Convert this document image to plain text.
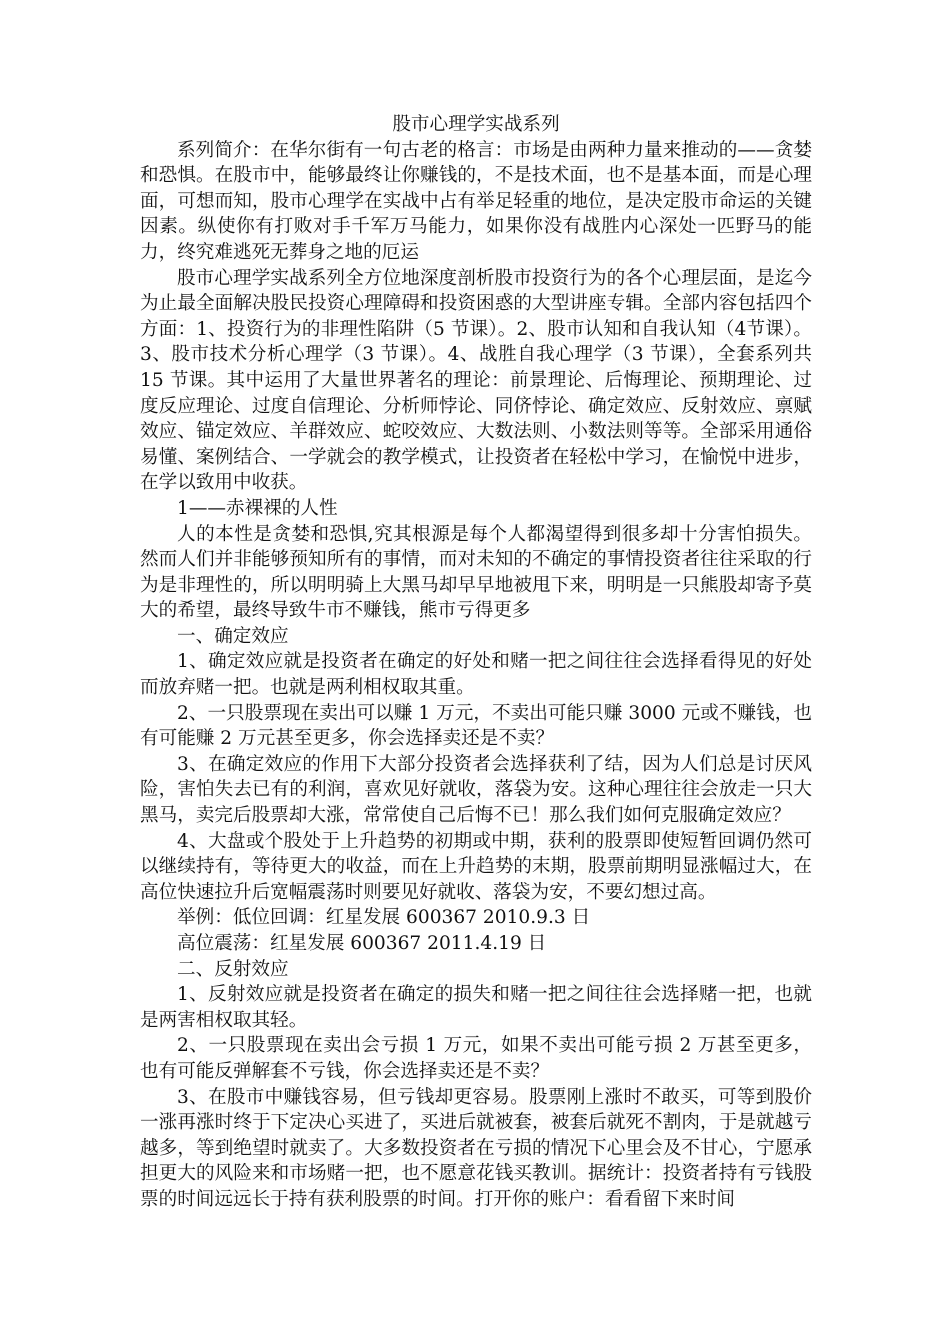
股市心理学实战系列

系列简介：在华尔街有一句古老的格言：市场是由两种力量来推动的——贪婪和恐惧。在股市中，能够最终让你赚钱的，不是技术面，也不是基本面，而是心理面，可想而知，股市心理学在实战中占有举足轻重的地位，是决定股市命运的关键因素。纵使你有打败对手千军万马能力，如果你没有战胜内心深处一匹野马的能力，终究难逃死无葬身之地的厄运

股市心理学实战系列全方位地深度剖析股市投资行为的各个心理层面，是迄今为止最全面解决股民投资心理障碍和投资困惑的大型讲座专辑。全部内容包括四个方面：1、投资行为的非理性陷阱（5 节课）。2、股市认知和自我认知（4节课）。3、股市技术分析心理学（3 节课）。4、战胜自我心理学（3 节课），全套系列共 15 节课。其中运用了大量世界著名的理论：前景理论、后悔理论、预期理论、过度反应理论、过度自信理论、分析师悖论、同侪悖论、确定效应、反射效应、禀赋效应、锚定效应、羊群效应、蛇咬效应、大数法则、小数法则等等。全部采用通俗易懂、案例结合、一学就会的教学模式，让投资者在轻松中学习，在愉悦中进步，在学以致用中收获。

1——赤裸裸的人性

人的本性是贪婪和恐惧,究其根源是每个人都渴望得到很多却十分害怕损失。然而人们并非能够预知所有的事情，而对未知的不确定的事情投资者往往采取的行为是非理性的，所以明明骑上大黑马却早早地被甩下来，明明是一只熊股却寄予莫大的希望，最终导致牛市不赚钱，熊市亏得更多

一、确定效应

1、确定效应就是投资者在确定的好处和赌一把之间往往会选择看得见的好处而放弃赌一把。也就是两利相权取其重。

2、一只股票现在卖出可以赚 1 万元，不卖出可能只赚 3000 元或不赚钱，也有可能赚 2 万元甚至更多，你会选择卖还是不卖？

3、在确定效应的作用下大部分投资者会选择获利了结，因为人们总是讨厌风险，害怕失去已有的利润，喜欢见好就收，落袋为安。这种心理往往会放走一只大黑马，卖完后股票却大涨，常常使自己后悔不已！那么我们如何克服确定效应？

4、大盘或个股处于上升趋势的初期或中期，获利的股票即使短暂回调仍然可以继续持有，等待更大的收益，而在上升趋势的末期，股票前期明显涨幅过大，在高位快速拉升后宽幅震荡时则要见好就收、落袋为安，不要幻想过高。

举例：低位回调：红星发展 600367 2010.9.3 日

高位震荡：红星发展 600367 2011.4.19 日

二、反射效应

1、反射效应就是投资者在确定的损失和赌一把之间往往会选择赌一把，也就是两害相权取其轻。

2、一只股票现在卖出会亏损 1 万元，如果不卖出可能亏损 2 万甚至更多，也有可能反弹解套不亏钱，你会选择卖还是不卖？

3、在股市中赚钱容易，但亏钱却更容易。股票刚上涨时不敢买，可等到股价一涨再涨时终于下定决心买进了，买进后就被套，被套后就死不割肉，于是就越亏越多，等到绝望时就卖了。大多数投资者在亏损的情况下心里会及不甘心，宁愿承担更大的风险来和市场赌一把，也不愿意花钱买教训。据统计：投资者持有亏钱股票的时间远远长于持有获利股票的时间。打开你的账户：看看留下来时间
